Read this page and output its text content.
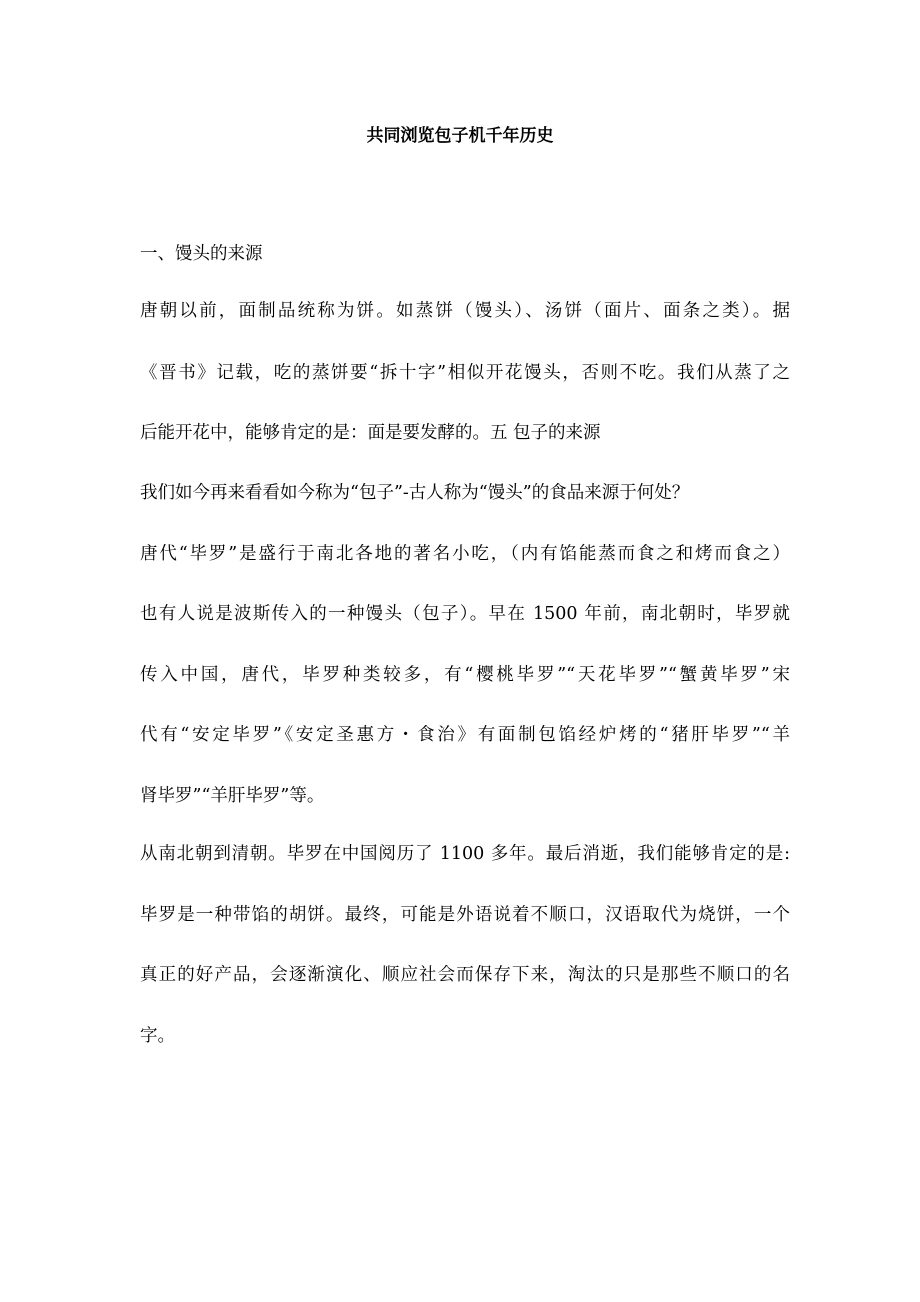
共同浏览包子机千年历史
一、馒头的来源
唐朝以前，面制品统称为饼。如蒸饼（馒头）、汤饼（面片、面条之类）。据
《晋书》记载，吃的蒸饼要“拆十字”相似开花馒头，否则不吃。我们从蒸了之
后能开花中，能够肯定的是：面是要发酵的。五 包子的来源
我们如今再来看看如今称为“包子”-古人称为“馒头”的食品来源于何处？
唐代“毕罗”是盛行于南北各地的著名小吃，（内有馅能蒸而食之和烤而食之）
也有人说是波斯传入的一种馒头（包子）。早在 1500 年前，南北朝时，毕罗就
传入中国，唐代，毕罗种类较多，有“樱桃毕罗”“天花毕罗”“蟹黄毕罗”宋
代有“安定毕罗”《安定圣惠方・食治》有面制包馅经炉烤的“猪肝毕罗”“羊
肾毕罗”“羊肝毕罗”等。
从南北朝到清朝。毕罗在中国阅历了 1100 多年。最后消逝，我们能够肯定的是:
毕罗是一种带馅的胡饼。最终，可能是外语说着不顺口，汉语取代为烧饼，一个
真正的好产品，会逐渐演化、顺应社会而保存下来，淘汰的只是那些不顺口的名
字。
